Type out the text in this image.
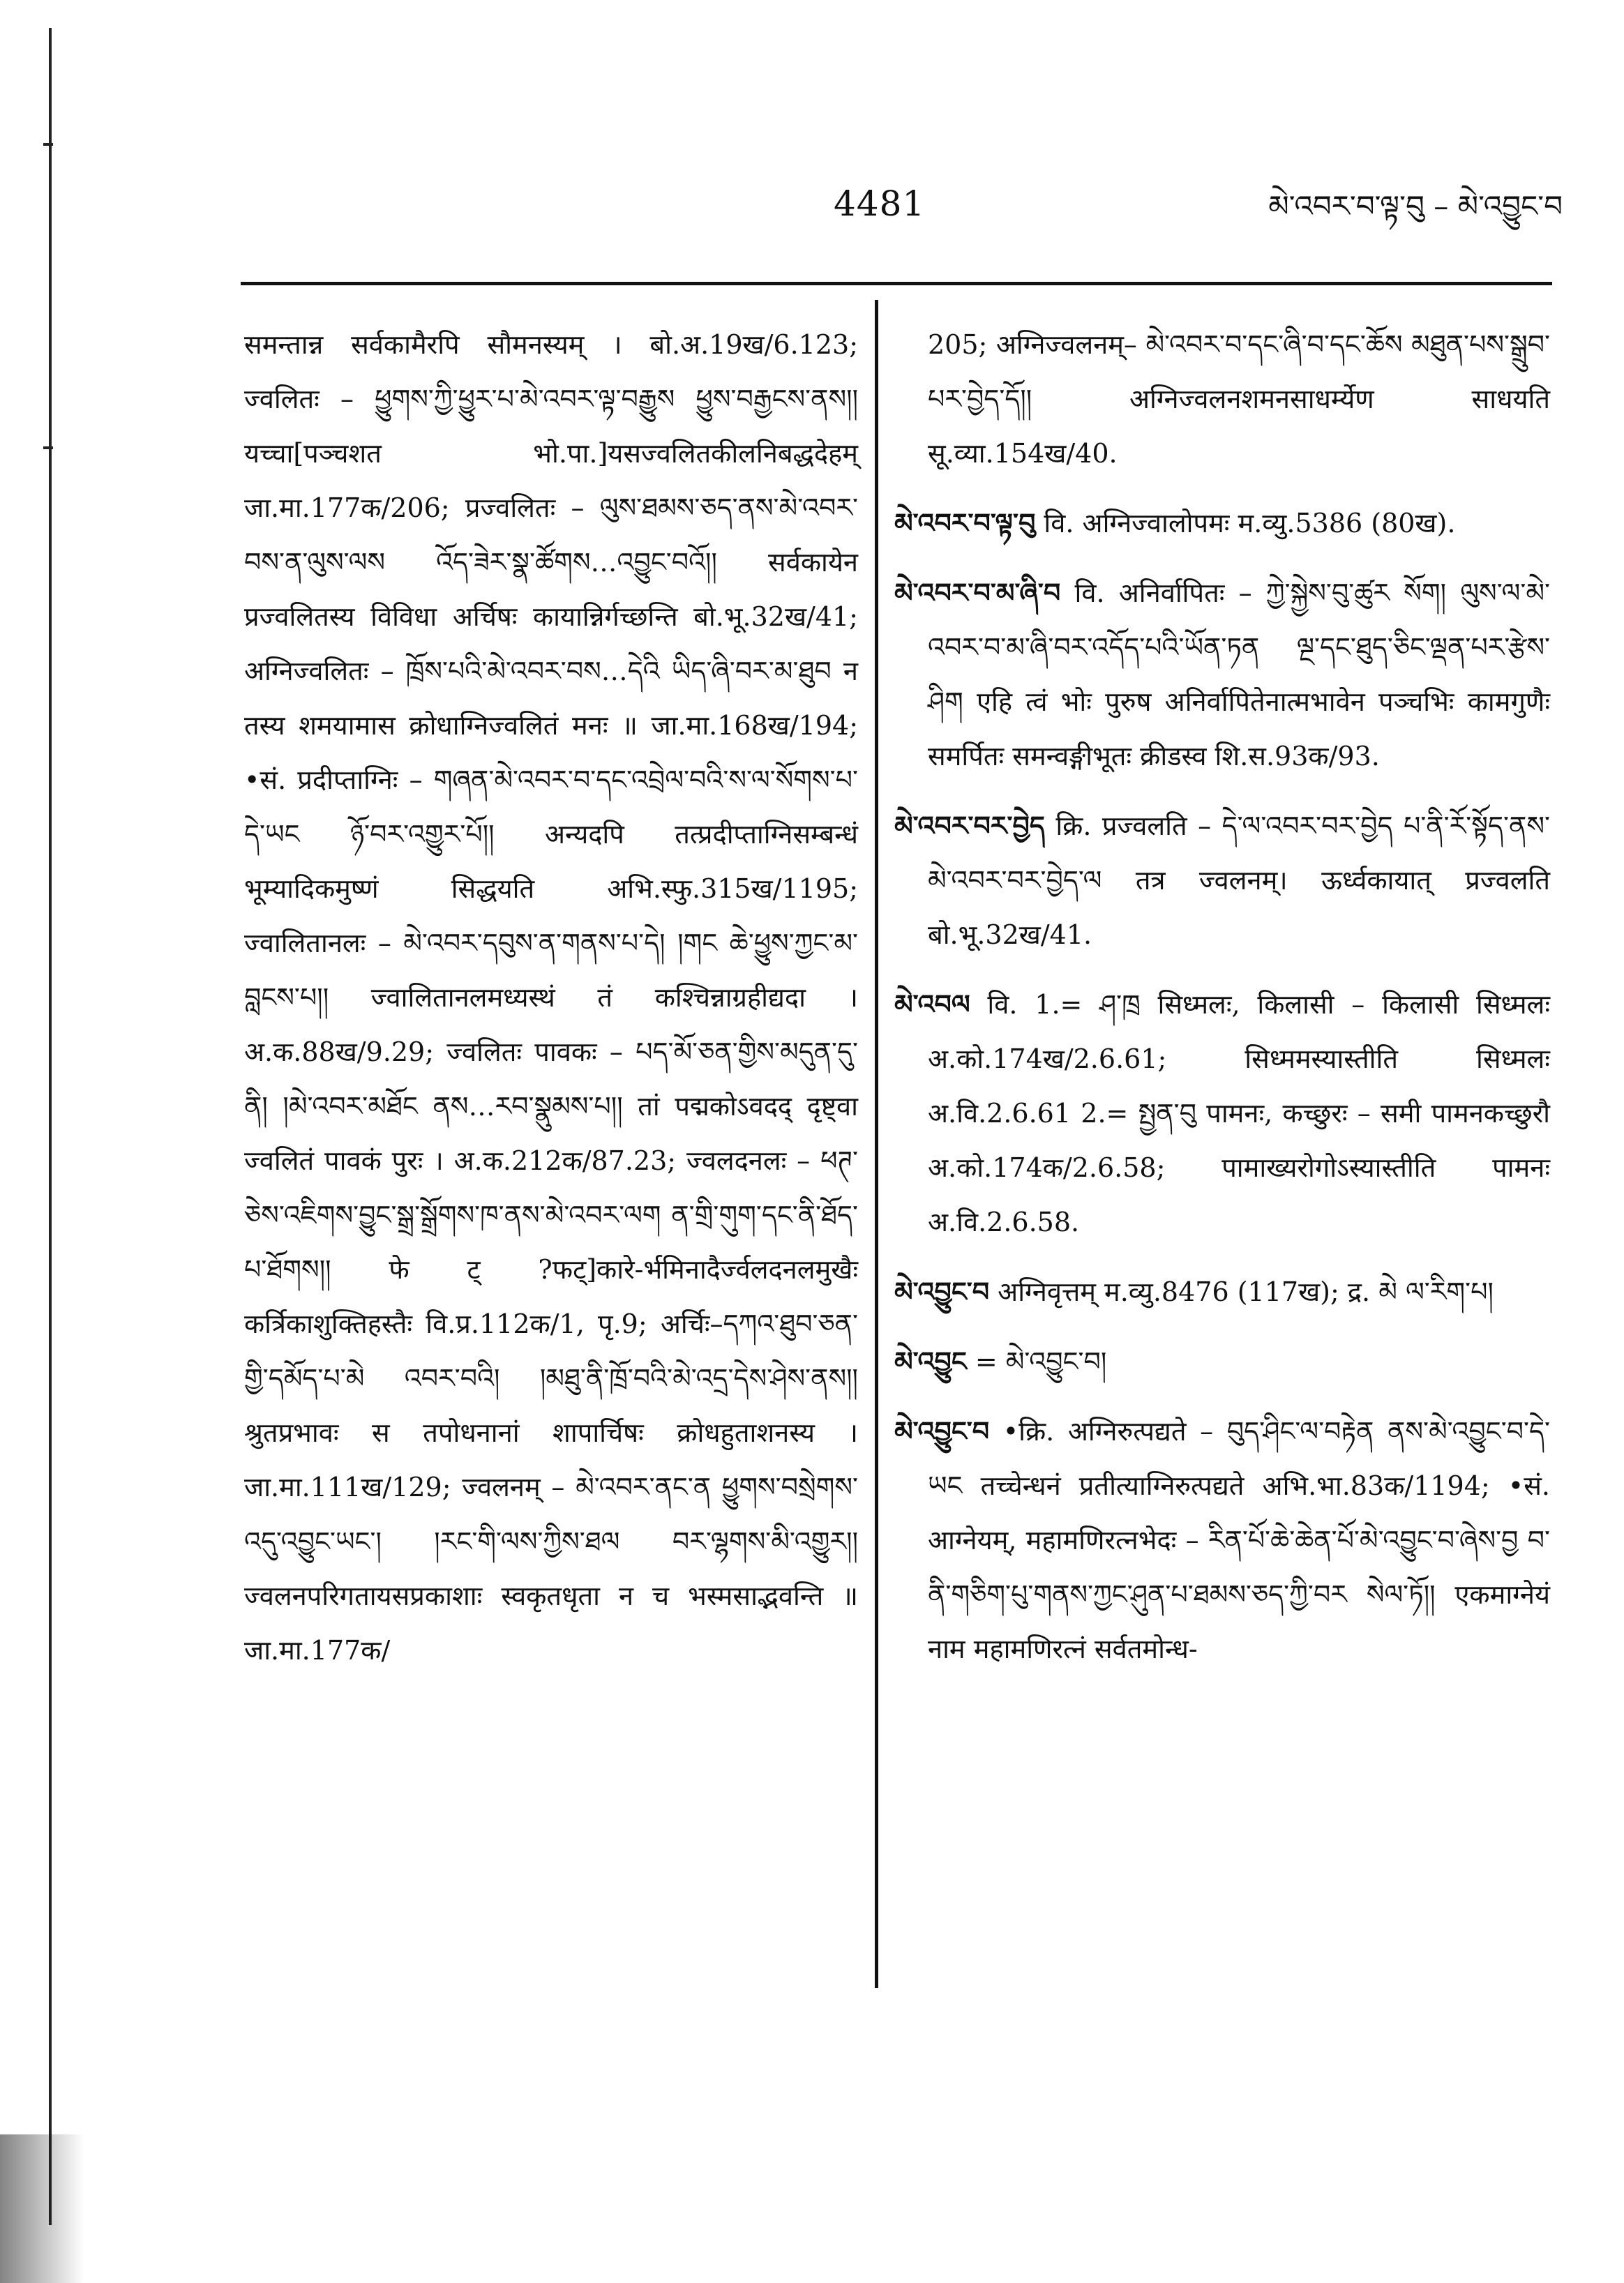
4481	མེ་འབར་བ་ལྟ་བུ – མེ་འབྱུང་བ
समन्तान्न सर्वकामैरपि सौमनस्यम् । बो.अ.19ख/6.123; ज्वलितः – ཕྱུགས་ཀྱི་ཕྱུར་པ་མེ་འབར་ལྟ་བརྒྱུས ཕྱུས་བརྒྱངས་ནས།། यच्चा[पञ्चशत भो.पा.]यसज्वलितकीलनिबद्धदेहम् जा.मा.177क/206; प्रज्वलितः – ལུས་ཐམས་ཅད་ནས་མེ་འབར་བས་ན་ལུས་ལས འོད་ཟེར་སྣ་ཚོགས…འབྱུང་བའོ།། सर्वकायेन प्रज्वलितस्य विविधा अर्चिषः कायान्निर्गच्छन्ति बो.भू.32ख/41; अग्निज्वलितः – ཁྲོས་པའི་མེ་འབར་བས…དེའི ཡིད་ཞི་བར་མ་ཐུབ न तस्य शमयामास क्रोधाग्निज्वलितं मनः ॥ जा.मा.168ख/194; •सं. प्रदीप्ताग्निः – གཞན་མེ་འབར་བ་དང་འབྲེལ་བའི་ས་ལ་སོགས་པ་དེ་ཡང ཉོ་བར་འགྱུར་པོ།། अन्यदपि तत्प्रदीप्ताग्निसम्बन्धं भूम्यादिकमुष्णं सिद्धयति अभि.स्फु.315ख/1195; ज्वालितानलः – མེ་འབར་དབུས་ན་གནས་པ་དེ། །གང ཆེ་ཕྱུས་ཀྱང་མ་བླངས་པ།། ज्वालितानलमध्यस्थं तं कश्चिन्नाग्रहीद्यदा । अ.क.88ख/9.29; ज्वलितः पावकः – པད་མོ་ཅན་གྱིས་མདུན་དུ་ནི། །མེ་འབར་མཐོང ནས…རབ་སྣུམས་པ།། तां पद्मकोऽवदद् दृष्ट्वा ज्वलितं पावकं पुरः । अ.क.212क/87.23; ज्वलदनलः – ཕཊ་ཅེས་འཇིགས་བྱུང་སྒྲ་སྒྲོགས་ཁ་ནས་མེ་འབར་ལག ན་གྲི་གུག་དང་ནི་ཐོད་པ་ཐོགས།། फे ट् ?फट्]कारे-र्भमिनादैर्ज्वलदनलमुखैः कर्त्रिकाशुक्तिहस्तैः वि.प्र.112क/1, पृ.9; अर्चिः–དཀའ་ཐུབ་ཅན་གྱི་དམོད་པ་མེ འབར་བའི། །མཐུ་ནི་ཁྲོ་བའི་མེ་འདྲ་དེས་ཤེས་ནས།། श्रुतप्रभावः स तपोधनानां शापार्चिषः क्रोधहुताशनस्य । जा.मा.111ख/129; ज्वलनम् – མེ་འབར་ནང་ན ཕྱུགས་བསྲེགས་འདུ་འབྱུང་ཡང་། །རང་གི་ལས་ཀྱིས་ཐལ བར་ལྷགས་མི་འགྱུར།། ज्वलनपरिगतायसप्रकाशाः स्वकृतधृता न च भस्मसाद्भवन्ति ॥ जा.मा.177क/

205; अग्निज्वलनम्– མེ་འབར་བ་དང་ཞི་བ་དང་ཆོས མཐུན་པས་སྒྲུབ་པར་བྱེད་དོ།། अग्निज्वलनशमनसाधर्म्येण साधयति सू.व्या.154ख/40.

མེ་འབར་བ་ལྟ་བུ वि. अग्निज्वालोपमः म.व्यु.5386 (80ख).

མེ་འབར་བ་མ་ཞི་བ वि. अनिर्वापितः – ཀྱེ་སྐྱེས་བུ་ཚུར སོག། ལུས་ལ་མེ་འབར་བ་མ་ཞི་བར་འདོད་པའི་ཡོན་ཏན ལྔ་དང་ཐུད་ཅིང་ལྡན་པར་རྩེས་ཤིག एहि त्वं भोः पुरुष अनिर्वापितेनात्मभावेन पञ्चभिः कामगुणैः समर्पितः समन्वङ्गीभूतः क्रीडस्व शि.स.93क/93.

མེ་འབར་བར་བྱེད क्रि. प्रज्वलति – དེ་ལ་འབར་བར་བྱེད པ་ནི་རོ་སྟོད་ནས་མེ་འབར་བར་བྱེད་ལ तत्र ज्वलनम्। ऊर्ध्वकायात् प्रज्वलति बो.भू.32ख/41.

མེ་འབལ वि. 1.= ཤ་ཁྲ सिध्मलः, किलासी – किलासी सिध्मलः अ.को.174ख/2.6.61; सिध्ममस्यास्तीति सिध्मलः अ.वि.2.6.61 2.= སྤྱན་བུ पामनः, कच्छुरः – समी पामनकच्छुरौ अ.को.174क/2.6.58; पामाख्यरोगोऽस्यास्तीति पामनः अ.वि.2.6.58.

མེ་འབྱུང་བ अग्निवृत्तम् म.व्यु.8476 (117ख); द्र. མེ ལ་རིག་པ།

མེ་འབྱུང = མེ་འབྱུང་བ།

མེ་འབྱུང་བ •क्रि. अग्निरुत्पद्यते – བུད་ཤིང་ལ་བརྟེན ནས་མེ་འབྱུང་བ་དེ་ཡང तच्चेन्धनं प्रतीत्याग्निरुत्पद्यते अभि.भा.83क/1194; •सं. आग्नेयम्, महामणिरत्नभेदः – རིན་པོ་ཆེ་ཆེན་པོ་མེ་འབྱུང་བ་ཞེས་བྱ བ་ནི་གཅིག་པུ་གནས་ཀྱང་ཤུན་པ་ཐམས་ཅད་ཀྱི་བར སེལ་ཏོ།། एकमाग्नेयं नाम महामणिरत्नं सर्वतमोन्ध-
